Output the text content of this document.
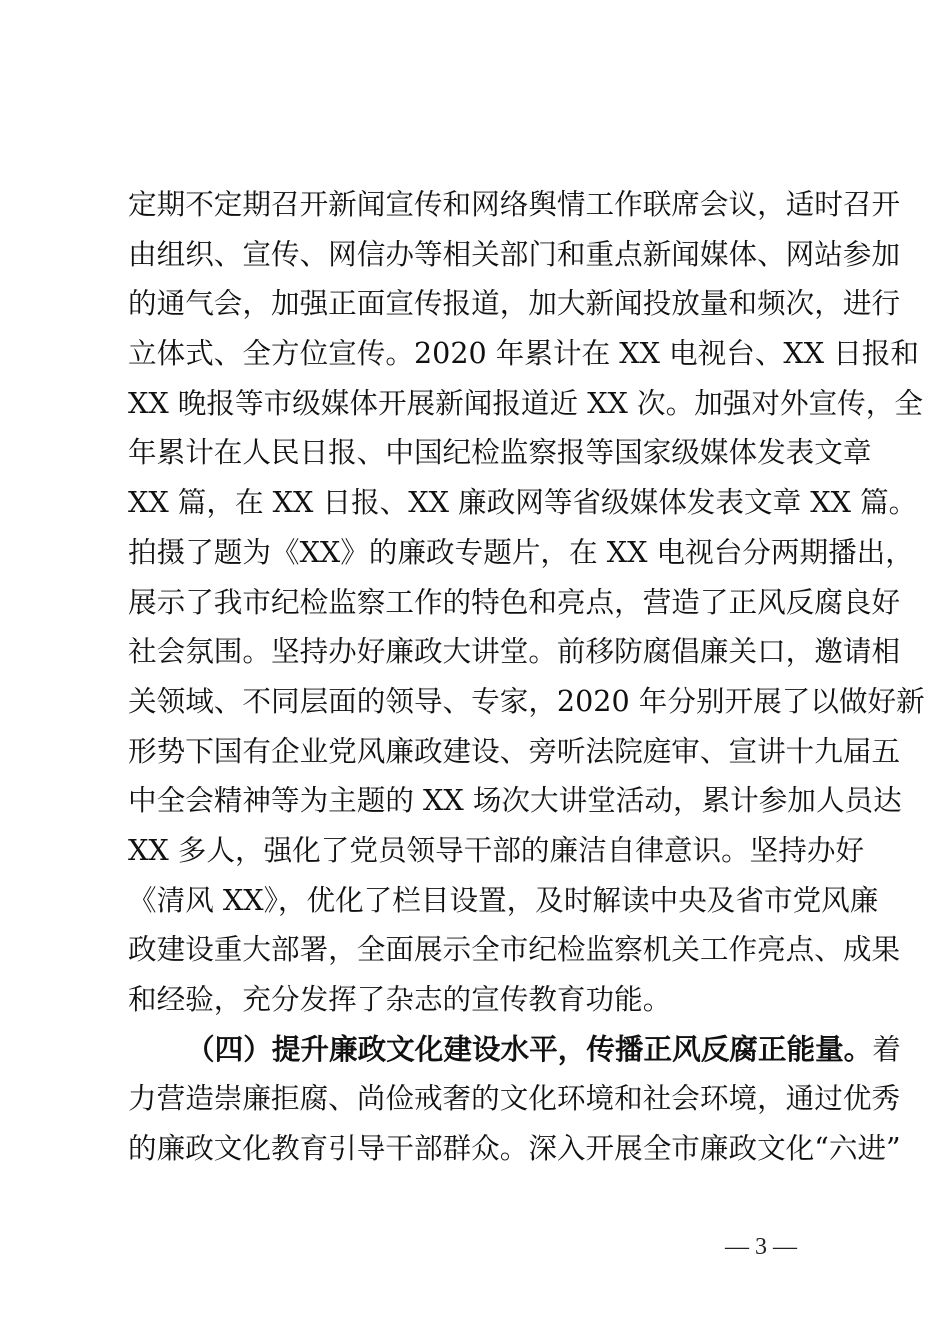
定期不定期召开新闻宣传和网络舆情工作联席会议，适时召开
由组织、宣传、网信办等相关部门和重点新闻媒体、网站参加
的通气会，加强正面宣传报道，加大新闻投放量和频次，进行
立体式、全方位宣传。2020 年累计在 XX 电视台、XX 日报和
XX 晚报等市级媒体开展新闻报道近 XX 次。加强对外宣传，全
年累计在人民日报、中国纪检监察报等国家级媒体发表文章
XX 篇，在 XX 日报、XX 廉政网等省级媒体发表文章 XX 篇。
拍摄了题为《XX》的廉政专题片，在 XX 电视台分两期播出，
展示了我市纪检监察工作的特色和亮点，营造了正风反腐良好
社会氛围。坚持办好廉政大讲堂。前移防腐倡廉关口，邀请相
关领域、不同层面的领导、专家，2020 年分别开展了以做好新
形势下国有企业党风廉政建设、旁听法院庭审、宣讲十九届五
中全会精神等为主题的 XX 场次大讲堂活动，累计参加人员达
XX 多人，强化了党员领导干部的廉洁自律意识。坚持办好
《清风 XX》，优化了栏目设置，及时解读中央及省市党风廉
政建设重大部署，全面展示全市纪检监察机关工作亮点、成果
和经验，充分发挥了杂志的宣传教育功能。
（四）提升廉政文化建设水平，传播正风反腐正能量。着
力营造崇廉拒腐、尚俭戒奢的文化环境和社会环境，通过优秀
的廉政文化教育引导干部群众。深入开展全市廉政文化“六进”
— 3 —
